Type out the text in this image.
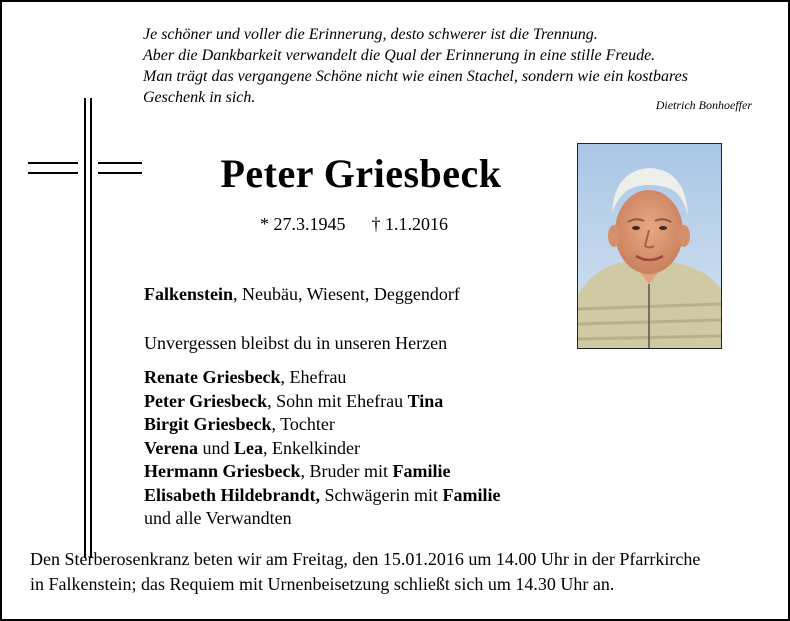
Je schöner und voller die Erinnerung, desto schwerer ist die Trennung.
Aber die Dankbarkeit verwandelt die Qual der Erinnerung in eine stille Freude.
Man trägt das vergangene Schöne nicht wie einen Stachel, sondern wie ein kostbares
Geschenk in sich.	Dietrich Bonhoeffer
Peter Griesbeck
* 27.3.1945 † 1.1.2016
Falkenstein, Neubäu, Wiesent, Deggendorf
Unvergessen bleibst du in unseren Herzen
Renate Griesbeck, Ehefrau
Peter Griesbeck, Sohn mit Ehefrau Tina
Birgit Griesbeck, Tochter
Verena und Lea, Enkelkinder
Hermann Griesbeck, Bruder mit Familie
Elisabeth Hildebrandt, Schwägerin mit Familie
und alle Verwandten
Den Sterberosenkranz beten wir am Freitag, den 15.01.2016 um 14.00 Uhr in der Pfarrkirche
in Falkenstein; das Requiem mit Urnenbeisetzung schließt sich um 14.30 Uhr an.
